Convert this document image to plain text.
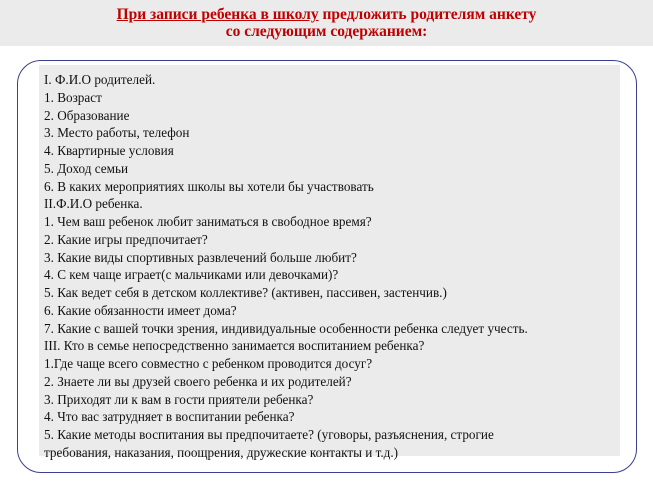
При записи ребенка в школу предложить родителям анкету
со следующим содержанием:
І. Ф.И.О родителей.
1. Возраст
2. Образование
3. Место работы, телефон
4. Квартирные условия
5. Доход семьи
6. В каких мероприятиях школы вы хотели бы участвовать
ІІ.Ф.И.О ребенка.
1. Чем ваш ребенок любит заниматься в свободное время?
2. Какие игры предпочитает?
3. Какие виды спортивных развлечений больше любит?
4. С кем чаще играет(с мальчиками или девочками)?
5. Как ведет себя в детском коллективе? (активен, пассивен, застенчив.)
6. Какие обязанности имеет дома?
7. Какие с вашей точки зрения, индивидуальные особенности ребенка следует учесть.
ІІІ. Кто в семье непосредственно занимается воспитанием ребенка?
1.Где чаще всего совместно с ребенком проводится досуг?
2. Знаете ли вы друзей своего ребенка и их родителей?
3. Приходят ли к вам в гости приятели ребенка?
4. Что вас затрудняет в воспитании ребенка?
5. Какие методы воспитания вы предпочитаете? (уговоры, разъяснения, строгие
требования, наказания, поощрения, дружеские контакты и т.д.)
